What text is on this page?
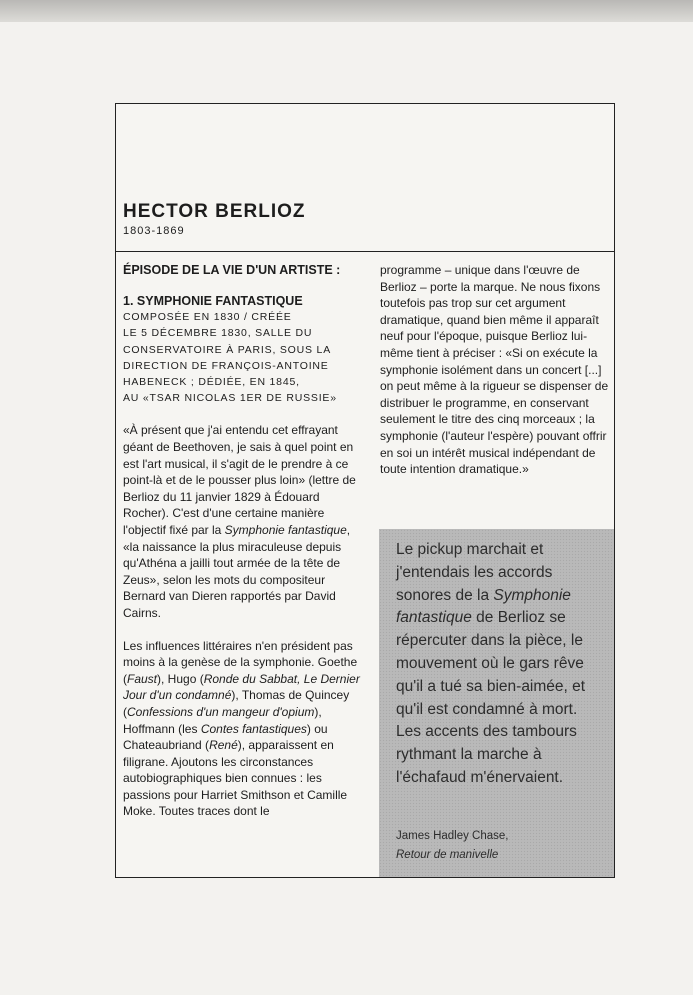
HECTOR BERLIOZ
1803-1869

ÉPISODE DE LA VIE D'UN ARTISTE :

1. SYMPHONIE FANTASTIQUE

COMPOSÉE EN 1830 / CRÉÉE
LE 5 DÉCEMBRE 1830, SALLE DU
CONSERVATOIRE À PARIS, SOUS LA
DIRECTION DE FRANÇOIS-ANTOINE
HABENECK ; DÉDIÉE, EN 1845,
AU «TSAR NICOLAS 1ER DE RUSSIE»

«À présent que j'ai entendu cet effrayant géant de Beethoven, je sais à quel point en est l'art musical, il s'agit de le prendre à ce point-là et de le pousser plus loin» (lettre de Berlioz du 11 janvier 1829 à Édouard Rocher). C'est d'une certaine manière l'objectif fixé par la Symphonie fantastique, «la naissance la plus miraculeuse depuis qu'Athéna a jailli tout armée de la tête de Zeus», selon les mots du compositeur Bernard van Dieren rapportés par David Cairns.

Les influences littéraires n'en président pas moins à la genèse de la symphonie. Goethe (Faust), Hugo (Ronde du Sabbat, Le Dernier Jour d'un condamné), Thomas de Quincey (Confessions d'un mangeur d'opium), Hoffmann (les Contes fantastiques) ou Chateaubriand (René), apparaissent en filigrane. Ajoutons les circonstances autobiographiques bien connues : les passions pour Harriet Smithson et Camille Moke. Toutes traces dont le

programme – unique dans l'œuvre de Berlioz – porte la marque. Ne nous fixons toutefois pas trop sur cet argument dramatique, quand bien même il apparaît neuf pour l'époque, puisque Berlioz lui-même tient à préciser : «Si on exécute la symphonie isolément dans un concert [...] on peut même à la rigueur se dispenser de distribuer le programme, en conservant seulement le titre des cinq morceaux ; la symphonie (l'auteur l'espère) pouvant offrir en soi un intérêt musical indépendant de toute intention dramatique.»

Le pickup marchait et j'entendais les accords sonores de la Symphonie fantastique de Berlioz se répercuter dans la pièce, le mouvement où le gars rêve qu'il a tué sa bien-aimée, et qu'il est condamné à mort. Les accents des tambours rythmant la marche à l'échafaud m'énervaient.
James Hadley Chase,
Retour de manivelle
